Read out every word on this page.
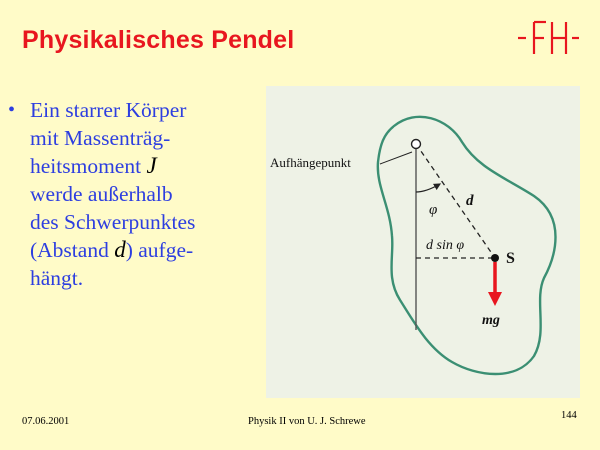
Physikalisches Pendel
• Ein starrer Körper
mit Massenträg-
heitsmoment J
werde außerhalb
des Schwerpunktes
(Abstand d) aufge-
hängt.
Aufhängepunkt
φ
d
d sin φ
S
mg
07.06.2001	Physik II von U. J. Schrewe
144
